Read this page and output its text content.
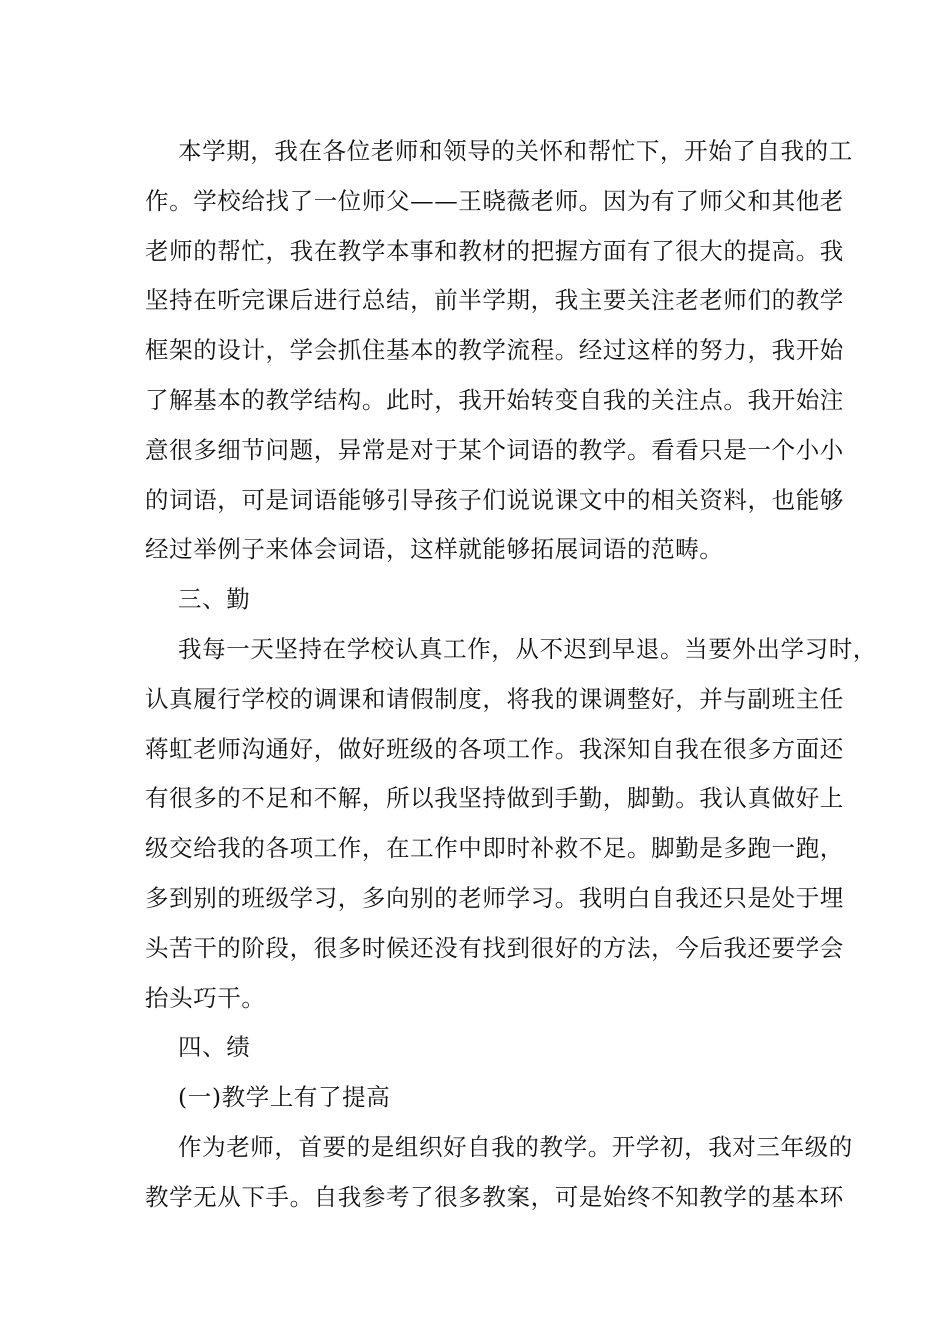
本学期，我在各位老师和领导的关怀和帮忙下，开始了自我的工
作。学校给找了一位师父——王晓薇老师。因为有了师父和其他老
老师的帮忙，我在教学本事和教材的把握方面有了很大的提高。我
坚持在听完课后进行总结，前半学期，我主要关注老老师们的教学
框架的设计，学会抓住基本的教学流程。经过这样的努力，我开始
了解基本的教学结构。此时，我开始转变自我的关注点。我开始注
意很多细节问题，异常是对于某个词语的教学。看看只是一个小小
的词语，可是词语能够引导孩子们说说课文中的相关资料，也能够
经过举例子来体会词语，这样就能够拓展词语的范畴。
三、勤
我每一天坚持在学校认真工作，从不迟到早退。当要外出学习时，
认真履行学校的调课和请假制度，将我的课调整好，并与副班主任
蒋虹老师沟通好，做好班级的各项工作。我深知自我在很多方面还
有很多的不足和不解，所以我坚持做到手勤，脚勤。我认真做好上
级交给我的各项工作，在工作中即时补救不足。脚勤是多跑一跑，
多到别的班级学习，多向别的老师学习。我明白自我还只是处于埋
头苦干的阶段，很多时候还没有找到很好的方法，今后我还要学会
抬头巧干。
四、绩
(一)教学上有了提高
作为老师，首要的是组织好自我的教学。开学初，我对三年级的
教学无从下手。自我参考了很多教案，可是始终不知教学的基本环
